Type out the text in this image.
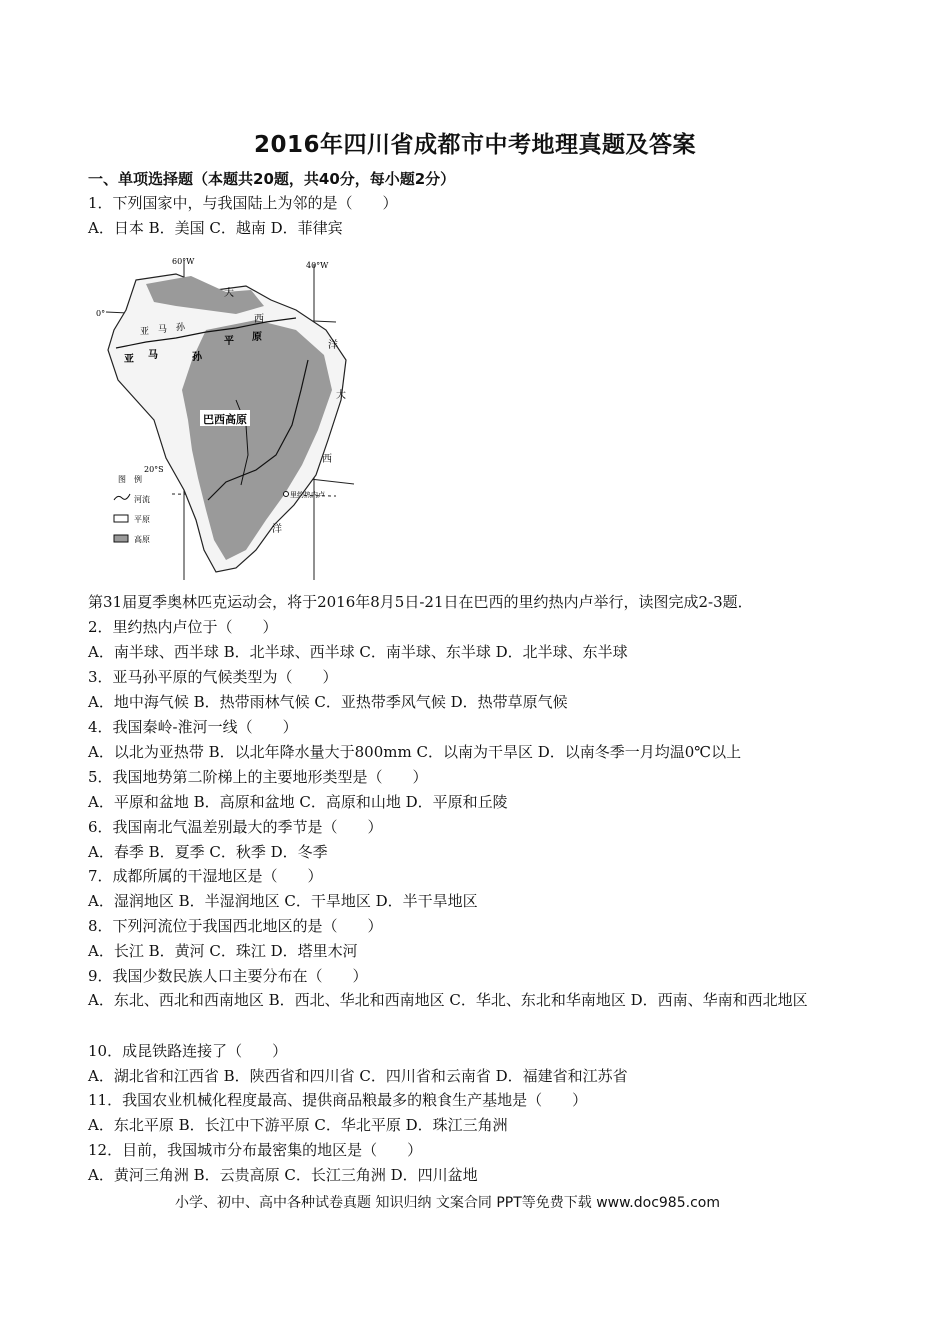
2016年四川省成都市中考地理真题及答案
一、单项选择题（本题共20题，共40分，每小题2分）
1．下列国家中，与我国陆上为邻的是（　　）
A．日本 B．美国 C．越南 D．菲律宾
60°W	40°W
0°
20°S
大
西
洋
大
西
洋
亚 马 孙
亚 马	孙
平 原
巴西高原
里约热内卢
图　例
河流
平原
高原
第31届夏季奥林匹克运动会，将于2016年8月5日-21日在巴西的里约热内卢举行，读图完成2-3题．
2．里约热内卢位于（　　）
A．南半球、西半球 B．北半球、西半球 C．南半球、东半球 D．北半球、东半球
3．亚马孙平原的气候类型为（　　）
A．地中海气候 B．热带雨林气候 C．亚热带季风气候 D．热带草原气候
4．我国秦岭-淮河一线（　　）
A．以北为亚热带 B．以北年降水量大于800mm C．以南为干旱区 D．以南冬季一月均温0℃以上
5．我国地势第二阶梯上的主要地形类型是（　　）
A．平原和盆地 B．高原和盆地 C．高原和山地 D．平原和丘陵
6．我国南北气温差别最大的季节是（　　）
A．春季 B．夏季 C．秋季 D．冬季
7．成都所属的干湿地区是（　　）
A．湿润地区 B．半湿润地区 C．干旱地区 D．半干旱地区
8．下列河流位于我国西北地区的是（　　）
A．长江 B．黄河 C．珠江 D．塔里木河
9．我国少数民族人口主要分布在（　　）
A．东北、西北和西南地区 B．西北、华北和西南地区 C．华北、东北和华南地区 D．西南、华南和西北地区
10．成昆铁路连接了（　　）
A．湖北省和江西省 B．陕西省和四川省 C．四川省和云南省 D．福建省和江苏省
11．我国农业机械化程度最高、提供商品粮最多的粮食生产基地是（　　）
A．东北平原 B．长江中下游平原 C．华北平原 D．珠江三角洲
12．目前，我国城市分布最密集的地区是（　　）
A．黄河三角洲 B．云贵高原 C．长江三角洲 D．四川盆地
小学、初中、高中各种试卷真题 知识归纳 文案合同 PPT等免费下载 www.doc985.com
